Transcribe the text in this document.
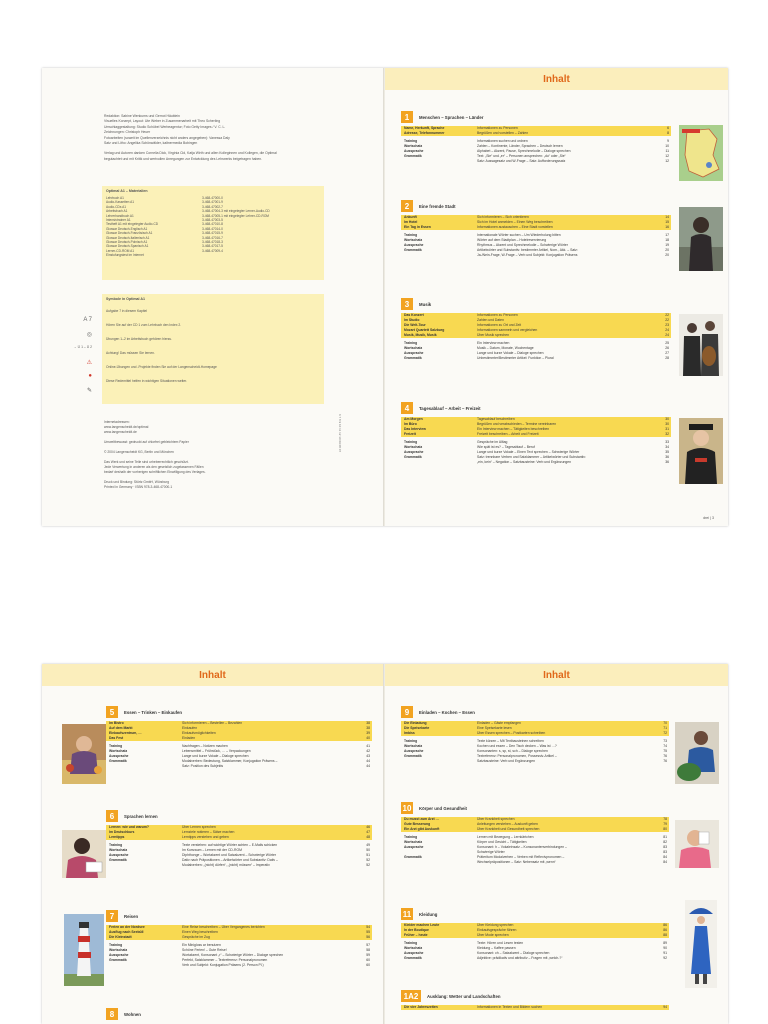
Redaktion: Sabine Wenkums und Gernot Häublein

Visuelles Konzept, Layout: Ute Weber in Zusammenarbeit mit Theo Scherling

Umschlaggestaltung: Studio Schübel Werbeagentur; Foto Getty Images / V. C. L.

Zeichnungen: Christoph Heuer

Fotoarbeiten (soweit im Quellenverzeichnis nicht anders angegeben): Vanessa Daly

Satz und Litho: Angelika Schönwälder, kaltnermedia Bobingen

Verlag und Autoren danken Cornelia Dick, Virginia Cid, Katja Wirth und allen Kolleginnen und Kollegen, die Optimal

begutachtet und mit Kritik und wertvollen Anregungen zur Entwicklung des Lehrwerks beigetragen haben.

Optimal A1 – Materialien
Lehrbuch A1	3-468-47000-0
Audio-Kassetten A1	3-468-47001-9
Audio-CDs A1	3-468-47002-7
Arbeitsbuch A1	3-468-47004-3 mit eingelegter Lerner-Audio-CD
Lehrerhandbuch A1	3-468-47005-1 mit eingelegter Lehrer-CD-ROM
Intensivtrainer A1	3-468-47003-5
Testheft A1 mit eingelegter Audio-CD	3-468-47010-8
Glossar Deutsch-Englisch A1	3-468-47014-0
Glossar Deutsch-Französisch A1	3-468-47015-9
Glossar Deutsch-Italienisch A1	3-468-47016-7
Glossar Deutsch-Polnisch A1	3-468-47018-3
Glossar Deutsch-Spanisch A1	3-468-47017-5
Lerner-CD-ROM A1	3-468-47009-4
Einstufungstest im Internet
Symbole in Optimal A1
Aufgabe 7 in diesem Kapitel
Hören Sie auf der CD 1 zum Lehrbuch den Index 2.
Übungen 1–2 im Arbeitsbuch gehören hierzu.
Achtung! Das müssen Sie lernen.
Online-Übungen und -Projekte finden Sie auf der Langenscheidt-Homepage
Diese Redemittel helfen in wichtigen Situationen weiter.

Internetadressen:

www.langenscheidt.de/optimal

www.langenscheidt.de

Umweltbewusst: gedruckt auf chlorfrei gebleichtem Papier

© 2004 Langenscheidt KG, Berlin und München

Das Werk und seine Teile sind urheberrechtlich geschützt.

Jede Verwertung in anderen als den gesetzlich zugelassenen Fällen

bedarf deshalb der vorherigen schriftlichen Einwilligung des Verlages.

Druck und Bindung: Stürtz GmbH, Würzburg

Printed in Germany · ISBN 978-3-468-47000-1

6 7 8 9 10 11 12 10 09 08 07
A 7
◎
→ Ü 1 – Ü 2
⚠
●
✎
Inhalt
1	Menschen – Sprachen – Länder
Name, Herkunft, Sprache	Informationen zu Personen	6
Adresse, Telefonnummer	Begrüßen und vorstellen – Zahlen	8
Training	Informationen suchen und ordnen	9
Wortschatz	Zahlen – Kontinente, Länder, Sprachen – Deutsch lernen	10
Aussprache	Alphabet – Akzent, Pause, Sprechmelodie – Dialoge sprechen	11
Grammatik	Text: „Sie“ und „er“ – Personen ansprechen: „du“ oder „Sie“	12
Satz: Aussagesatz und W-Frage – Satz: Aufforderungssatz	12
2	Eine fremde Stadt
Ankunft	Sich informieren – Sich orientieren	14
Im Hotel	Sich im Hotel anmelden – Einen Weg beschreiben	15
Ein Tag in Essen	Informationen austauschen – Eine Stadt vorstellen	16
Training	Internationale Wörter suchen – Um Wiederholung bitten	17
Wortschatz	Wörter auf dem Stadtplan – Hotelreservierung	18
Aussprache	Rhythmus – Akzent und Sprechmelodie – Schwierige Wörter	19
Grammatik	Artikelwörter und Substantiv: bestimmter Artikel, Nom., Akk. – Satz:	20
Ja-/Nein-Frage, W-Frage – Verb und Subjekt: Konjugation Präsens	20
3	Musik
Das Konzert	Informationen zu Personen	22
Im Studio	Zahlen und Daten	22
Die Welt-Tour	Informationen zu Ort und Zeit	23
Mozart Quartett Salzburg	Informationen sammeln und vergleichen	24
Musik, Musik, Musik	Über Musik sprechen	24
Training	Ein Interview machen	25
Wortschatz	Musik – Datum, Monate, Wochentage	26
Aussprache	Lange und kurze Vokale – Dialoge sprechen	27
Grammatik	Unbestimmter/Bestimmter Artikel: Funktion – Plural	28
4	Tagesablauf – Arbeit – Freizeit
Am Morgen	Tagesablauf beschreiben	30
Im Büro	Begrüßen und verabschieden – Termine vereinbaren	30
Das Interview	Ein Interview machen – Tätigkeiten beschreiben	31
Freizeit	Freizeit beschreiben – Arbeit und Freizeit	32
Training	Gespräche im Alltag	33
Wortschatz	Wie spät ist es? – Tagesablauf – Beruf	34
Aussprache	Lange und kurze Vokale – Einen Text sprechen – Schwierige Wörter	35
Grammatik	Satz: trennbare Verben und Satzklammer – Artikelwörter und Substantiv:	36
„ein, kein“ – Negation – Satzbausteine: Verb und Ergänzungen	36
drei | 3
Inhalt
5	Essen – Trinken – Einkaufen
Im Bistro	Sich informieren – Bestellen – Bezahlen	38
Auf dem Markt	Einkaufen	38
Einkaufszentrum, …	Einkaufsmöglichkeiten	39
Das Fest	Einladen	40
Training	Nachfragen – Notizen machen	41
Wortschatz	Lebensmittel – Frühstück, … – Verpackungen	42
Aussprache	Lange und kurze Vokale – Dialoge sprechen	43
Grammatik	Modalverben: Bedeutung, Satzklammer, Konjugation Präsens –	44
Satz: Position des Subjekts	44
6	Sprachen lernen
Lernen: wie und warum?	Über Lernen sprechen	46
Im Deutschkurs	Lernziele notieren – Sätze machen	47
Lerntipps	Lerntipps verstehen und geben	48
Training	Texte verstehen: auf wichtige Wörter achten – E-Mails schicken	49
Wortschatz	Im Kursraum – Lernen mit der CD-ROM	50
Aussprache	Diphthonge – Wortakzent und Satzakzent – Schwierige Wörter	51
Grammatik	Dativ nach Präpositionen – Artikelwörter und Substantiv: Dativ –	52
Modalverben: „(nicht) dürfen“, „(nicht) müssen“ – Imperativ	52
7	Reisen
Ferien an der Nordsee	Eine Reise beschreiben – Über Vergangenes berichten	54
Ausflug nach Seebüll	Einen Weg beschreiben	55
Die Kleinstadt	Gespräche im Zug	56
Training	Ein Minigloss ar benutzen	57
Wortschatz	Schöne Ferien! – Gute Reise!	58
Aussprache	Wortakzent, Konsonant „r“ – Schwierige Wörter – Dialoge sprechen	59
Grammatik	Perfekt, Satzklammer – Textreferenz: Personalpronomen	60
Verb und Subjekt: Konjugation Präsens (2. Person Pl.)	60
8	Wohnen
Inhalt
9	Einladen – Kochen – Essen
Die Einladung	Einladen – Gäste empfangen	70
Die Speisekarte	Eine Speisekarte lesen	71
Imbiss	Über Essen sprechen – Postkarten schreiben	72
Training	Texte kürzen – Mit Textbausteinen schreiben	73
Wortschatz	Kochen und essen – Den Tisch decken – Was ist …?	74
Aussprache	Konsonanten: s, sp, st, sch – Dialoge sprechen	75
Grammatik	Textreferenz: Personalpronomen, Possessiv-Artikel –	76
Satzbausteine: Verb und Ergänzungen	76
10	Körper und Gesundheit
Du musst zum Arzt …	Über Krankheit sprechen	78
Gute Besserung	Anleitungen verstehen – Auskunft geben	79
Ein Arzt gibt Auskunft	Über Krankheit und Gesundheit sprechen	80
Training	Lernen mit Bewegung – Lernkärtchen	81
Wortschatz	Körper und Gesicht – Tätigkeiten	82
Aussprache	Konsonant: h – Vokaleinsatz – Konsonantenverbindungen –	83
Schwierige Wörter	83
Grammatik	Präteritum Modalverben – Verben mit Reflexivpronomen –	84
Wechselpräpositionen – Satz: Nebensatz mit „wenn“	84
11	Kleidung
Kleider machen Leute	Über Kleidung sprechen	86
In der Boutique	Einkaufsgespräche führen	86
Früher – heute	Über Mode sprechen	88
Training	Texte: Hören und Lesen testen	89
Wortschatz	Kleidung – Kaffee passen	90
Aussprache	Konsonant: ch – Satzakzent – Dialoge sprechen	91
Grammatik	Adjektive: prädikativ und attributiv – Fragen mit „welch-?“	92
1A2	Ausklang: Wetter und Landschaften
Die vier Jahreszeiten	Informationen in Texten und Bildern suchen	94
